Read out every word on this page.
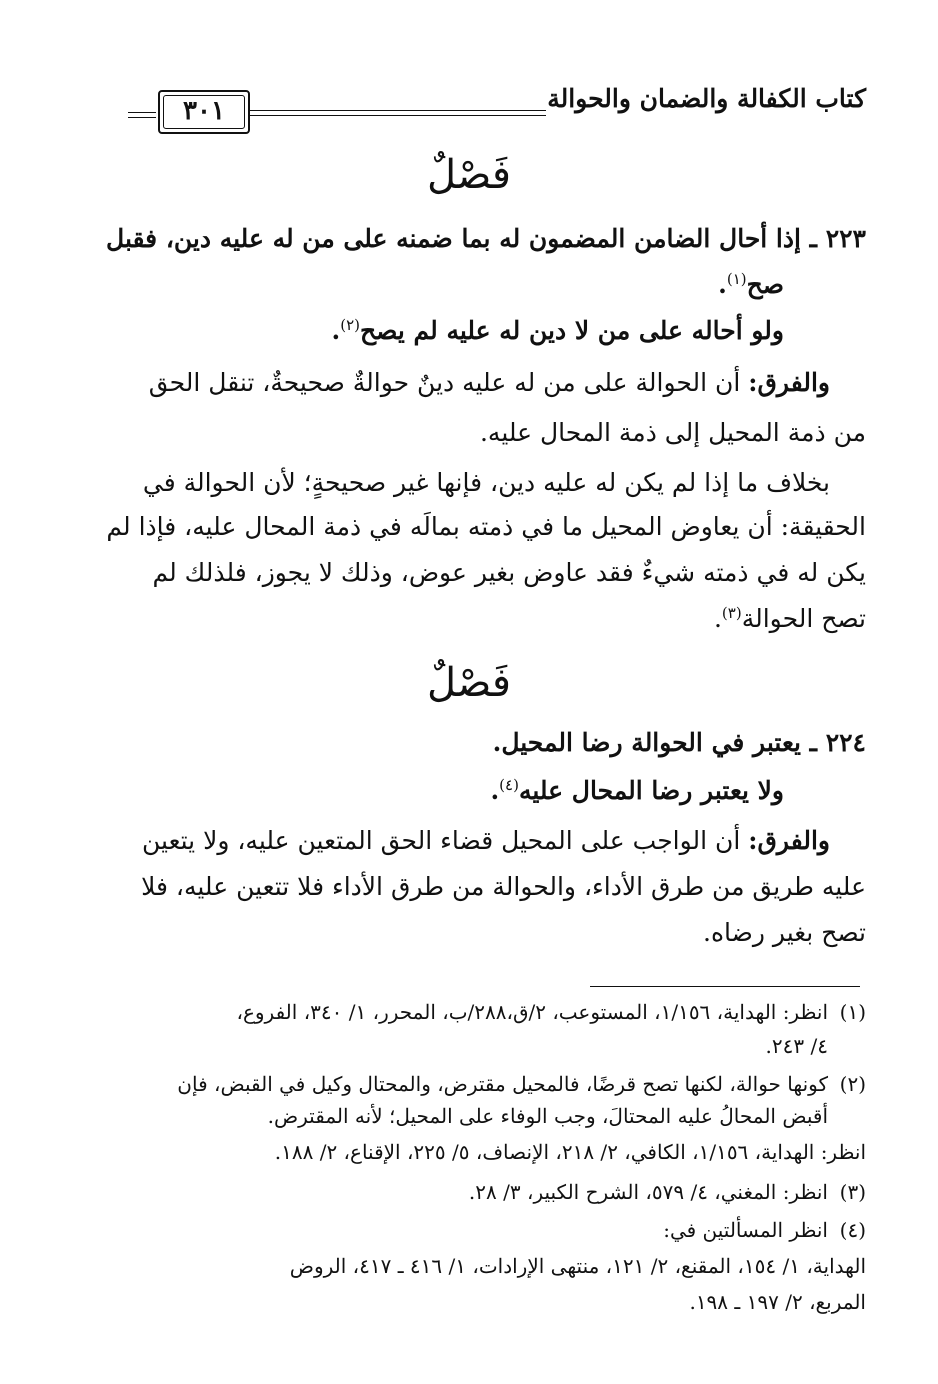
كتاب الكفالة والضمان والحوالة
٣٠١
فَصْلٌ
٢٢٣ ـ إذا أحال الضامن المضمون له بما ضمنه على من له عليه دين، فقبل
صح$^{(١)}$.
ولو أحاله على من لا دين له عليه لم يصح$^{(٢)}$.
والفرق: أن الحوالة على من له عليه دينٌ حوالةٌ صحيحةٌ، تنقل الحق
من ذمة المحيل إلى ذمة المحال عليه.
بخلاف ما إذا لم يكن له عليه دين، فإنها غير صحيحةٍ؛ لأن الحوالة في
الحقيقة: أن يعاوض المحيل ما في ذمته بمالَه في ذمة المحال عليه، فإذا لم
يكن له في ذمته شيءٌ فقد عاوض بغير عوض، وذلك لا يجوز، فلذلك لم
تصح الحوالة$^{(٣)}$.
فَصْلٌ
٢٢٤ ـ يعتبر في الحوالة رضا المحيل.
ولا يعتبر رضا المحال عليه$^{(٤)}$.
والفرق: أن الواجب على المحيل قضاء الحق المتعين عليه، ولا يتعين
عليه طريق من طرق الأداء، والحوالة من طرق الأداء فلا تتعين عليه، فلا
تصح بغير رضاه.
(١)
انظر: الهداية، ١/١٥٦، المستوعب، ٢/ق،٢٨٨/ب، المحرر، ١/ ٣٤٠، الفروع،
٤/ ٢٤٣.
(٢)
كونها حوالة، لكنها تصح قرضًا، فالمحيل مقترض، والمحتال وكيل في القبض، فإن
أقبض المحالُ عليه المحتالَ، وجب الوفاء على المحيل؛ لأنه المقترض.
انظر: الهداية، ١/١٥٦، الكافي، ٢/ ٢١٨، الإنصاف، ٥/ ٢٢٥، الإقناع، ٢/ ١٨٨.
(٣)
انظر: المغني، ٤/ ٥٧٩، الشرح الكبير، ٣/ ٢٨.
(٤)
انظر المسألتين في:
الهداية، ١/ ١٥٤، المقنع، ٢/ ١٢١، منتهى الإرادات، ١/ ٤١٦ ـ ٤١٧، الروض
المربع، ٢/ ١٩٧ ـ ١٩٨.
